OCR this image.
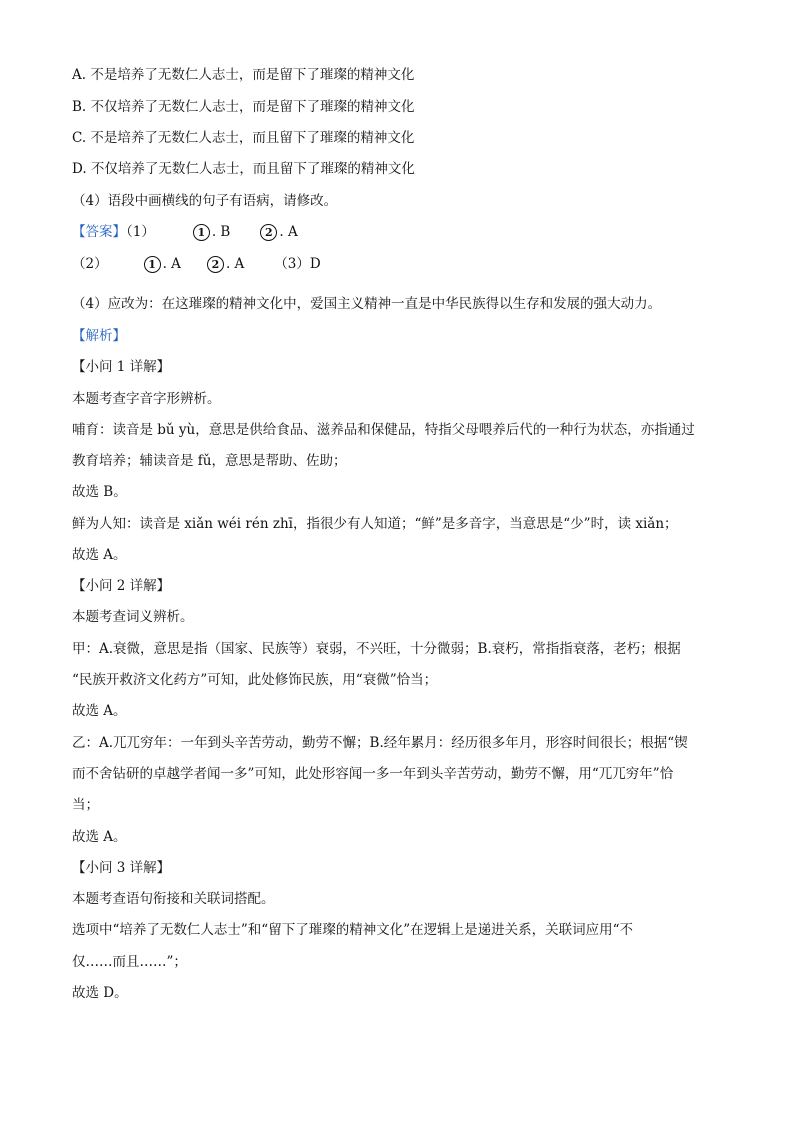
A. 不是培养了无数仁人志士，而是留下了璀璨的精神文化
B. 不仅培养了无数仁人志士，而是留下了璀璨的精神文化
C. 不是培养了无数仁人志士，而且留下了璀璨的精神文化
D. 不仅培养了无数仁人志士，而且留下了璀璨的精神文化
（4）语段中画横线的句子有语病，请修改。
【答案】（1）	1 . B	2 . A
（2）	1 . A	2 . A （3）D
（4）应改为：在这璀璨的精神文化中，爱国主义精神一直是中华民族得以生存和发展的强大动力。
【解析】
【小问 1 详解】
本题考查字音字形辨析。
哺育：读音是 bǔ yù，意思是供给食品、滋养品和保健品，特指父母喂养后代的一种行为状态，亦指通过
教育培养；辅读音是 fǔ，意思是帮助、佐助；
故选 B。
鲜为人知：读音是 xiǎn wéi rén zhī，指很少有人知道；“鲜”是多音字，当意思是“少”时，读 xiǎn；
故选 A。
【小问 2 详解】
本题考查词义辨析。
甲：A.衰微，意思是指（国家、民族等）衰弱，不兴旺，十分微弱；B.衰朽，常指指衰落，老朽；根据
“民族开救济文化药方”可知，此处修饰民族，用“衰微”恰当；
故选 A。
乙：A.兀兀穷年：一年到头辛苦劳动，勤劳不懈；B.经年累月：经历很多年月，形容时间很长；根据“锲
而不舍钻研的卓越学者闻一多”可知，此处形容闻一多一年到头辛苦劳动，勤劳不懈，用“兀兀穷年”恰
当；
故选 A。
【小问 3 详解】
本题考查语句衔接和关联词搭配。
选项中“培养了无数仁人志士”和“留下了璀璨的精神文化”在逻辑上是递进关系，关联词应用“不
仅……而且……”；
故选 D。
